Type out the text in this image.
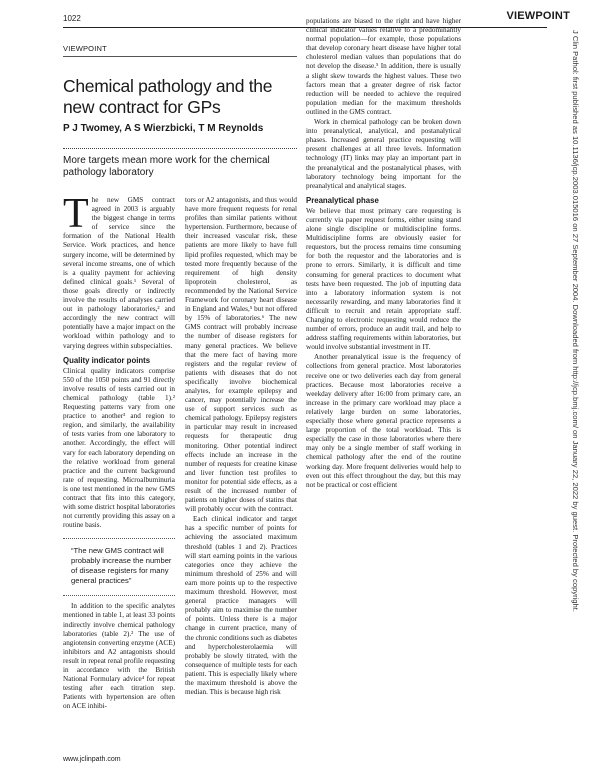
1022	VIEWPOINT
VIEWPOINT
Chemical pathology and the new contract for GPs
P J Twomey, A S Wierzbicki, T M Reynolds
More targets mean more work for the chemical pathology laboratory

The new GMS contract agreed in 2003 is arguably the biggest change in terms of service since the formation of the National Health Service. Work practices, and hence surgery income, will be determined by several income streams, one of which is a quality payment for achieving defined clinical goals.¹ Several of those goals directly or indirectly involve the results of analyses carried out in pathology laboratories,² and accordingly the new contract will potentially have a major impact on the workload within pathology and to varying degrees within subspecialties.

Quality indicator points

Clinical quality indicators comprise 550 of the 1050 points and 91 directly involve results of tests carried out in chemical pathology (table 1).² Requesting patterns vary from one practice to another³ and region to region, and similarly, the availability of tests varies from one laboratory to another. Accordingly, the effect will vary for each laboratory depending on the relative workload from general practice and the current background rate of requesting. Microalbuminuria is one test mentioned in the new GMS contract that fits into this category, with some district hospital laboratories not currently providing this assay on a routine basis.

“The new GMS contract will probably increase the number of disease registers for many general practices”

In addition to the specific analytes mentioned in table 1, at least 33 points indirectly involve chemical pathology laboratories (table 2).² The use of angiotensin converting enzyme (ACE) inhibitors and A2 antagonists should result in repeat renal profile requesting in accordance with the British National Formulary advice⁴ for repeat testing after each titration step. Patients with hypertension are often on ACE inhibi-

tors or A2 antagonists, and thus would have more frequent requests for renal profiles than similar patients without hypertension. Furthermore, because of their increased vascular risk, these patients are more likely to have full lipid profiles requested, which may be tested more frequently because of the requirement of high density lipoprotein cholesterol, as recommended by the National Service Framework for coronary heart disease in England and Wales,⁵ but not offered by 15% of laboratories.⁶ The new GMS contract will probably increase the number of disease registers for many general practices. We believe that the mere fact of having more registers and the regular review of patients with diseases that do not specifically involve biochemical analytes, for example epilepsy and cancer, may potentially increase the use of support services such as chemical pathology. Epilepsy registers in particular may result in increased requests for therapeutic drug monitoring. Other potential indirect effects include an increase in the number of requests for creatine kinase and liver function test profiles to monitor for potential side effects, as a result of the increased number of patients on higher doses of statins that will probably occur with the contract.

Each clinical indicator and target has a specific number of points for achieving the associated maximum threshold (tables 1 and 2). Practices will start earning points in the various categories once they achieve the minimum threshold of 25% and will earn more points up to the respective maximum threshold. However, most general practice managers will probably aim to maximise the number of points. Unless there is a major change in current practice, many of the chronic conditions such as diabetes and hypercholesterolaemia will probably be slowly titrated, with the consequence of multiple tests for each patient. This is especially likely where the maximum threshold is above the median. This is because high risk

populations are biased to the right and have higher clinical indicator values relative to a predominantly normal population—for example, those populations that develop coronary heart disease have higher total cholesterol median values than populations that do not develop the disease.⁵ In addition, there is usually a slight skew towards the highest values. These two factors mean that a greater degree of risk factor reduction will be needed to achieve the required population median for the maximum thresholds outlined in the GMS contract.

Work in chemical pathology can be broken down into preanalytical, analytical, and postanalytical phases. Increased general practice requesting will present challenges at all three levels. Information technology (IT) links may play an important part in the preanalytical and the postanalytical phases, with laboratory technology being important for the preanalytical and analytical stages.

Preanalytical phase

We believe that most primary care requesting is currently via paper request forms, either using stand alone single discipline or multidiscipline forms. Multidiscipline forms are obviously easier for requestors, but the process remains time consuming for both the requestor and the laboratories and is prone to errors. Similarly, it is difficult and time consuming for general practices to document what tests have been requested. The job of inputting data into a laboratory information system is not necessarily rewarding, and many laboratories find it difficult to recruit and retain appropriate staff. Changing to electronic requesting would reduce the number of errors, produce an audit trail, and help to address staffing requirements within laboratories, but would involve substantial investment in IT.

Another preanalytical issue is the frequency of collections from general practice. Most laboratories receive one or two deliveries each day from general practices. Because most laboratories receive a weekday delivery after 16:00 from primary care, an increase in the primary care workload may place a relatively large burden on some laboratories, especially those where general practice represents a large proportion of the total workload. This is especially the case in those laboratories where there may only be a single member of staff working in chemical pathology after the end of the routine working day. More frequent deliveries would help to even out this effect throughout the day, but this may not be practical or cost efficient	J Clin Pathol: first published as 10.1136/jcp.2003.015016 on 27 September 2004. Downloaded from http://jcp.bmj.com/ on January 22, 2022 by guest. Protected by copyright.
www.jclinpath.com
